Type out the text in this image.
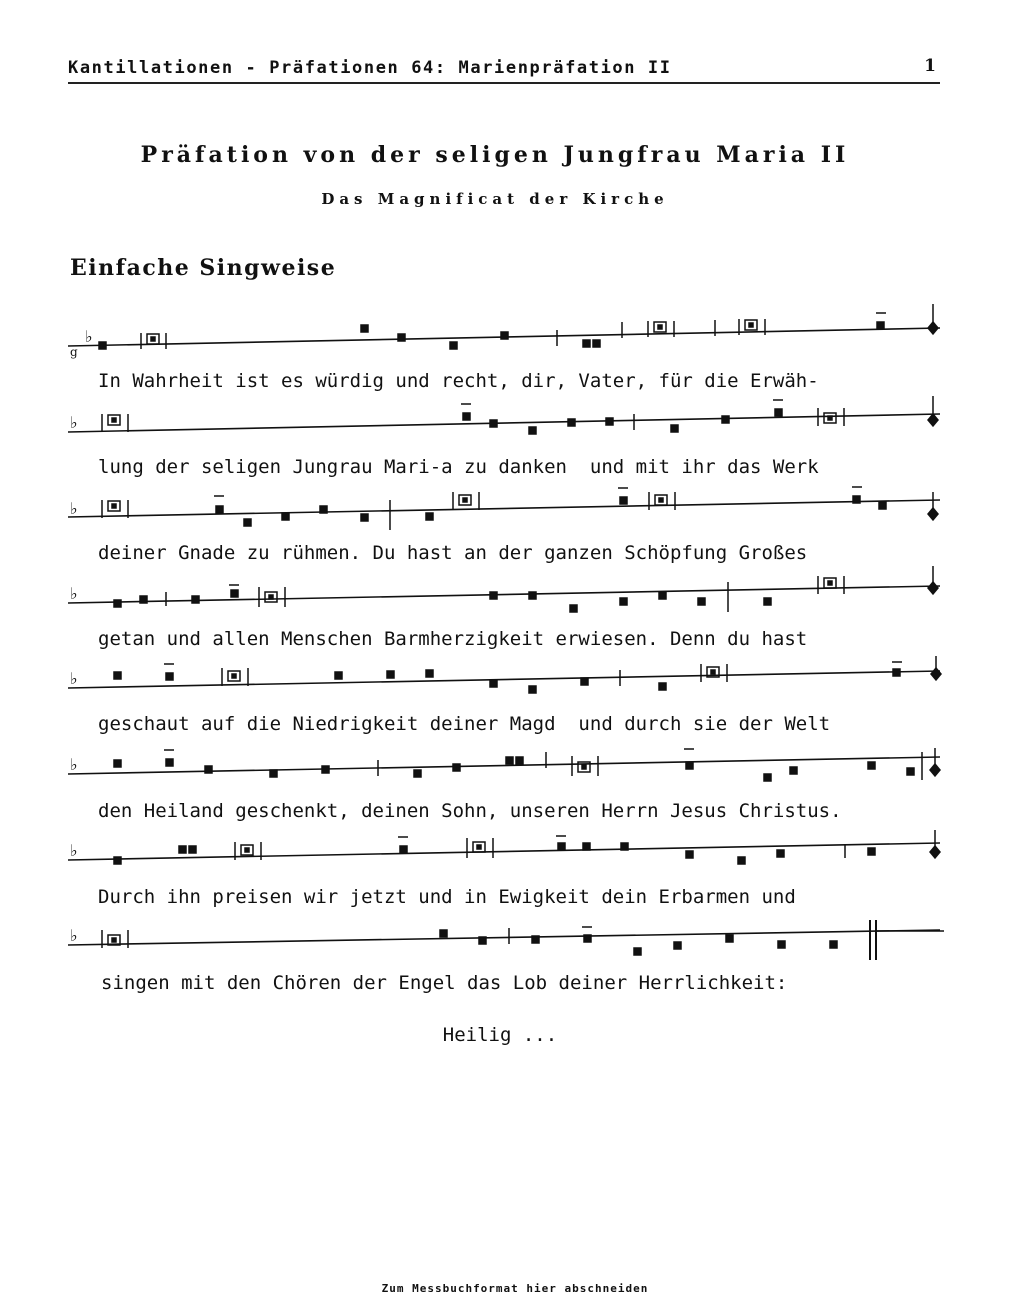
Kantillationen - Präfationen 64: Marienpräfation II	1
Präfation von der seligen Jungfrau Maria II
Das Magnificat der Kirche
Einfache Singweise
♭
♭
♭
♭
♭
♭
♭
♭
g
In Wahrheit ist es würdig und recht, dir, Vater, für die Erwäh-
lung der seligen Jungrau Mari-a zu danken  und mit ihr das Werk
deiner Gnade zu rühmen. Du hast an der ganzen Schöpfung Großes
getan und allen Menschen Barmherzigkeit erwiesen. Denn du hast
geschaut auf die Niedrigkeit deiner Magd  und durch sie der Welt
den Heiland geschenkt, deinen Sohn, unseren Herrn Jesus Christus.
Durch ihn preisen wir jetzt und in Ewigkeit dein Erbarmen und
singen mit den Chören der Engel das Lob deiner Herrlichkeit:
Heilig ...
Zum Messbuchformat hier abschneiden
